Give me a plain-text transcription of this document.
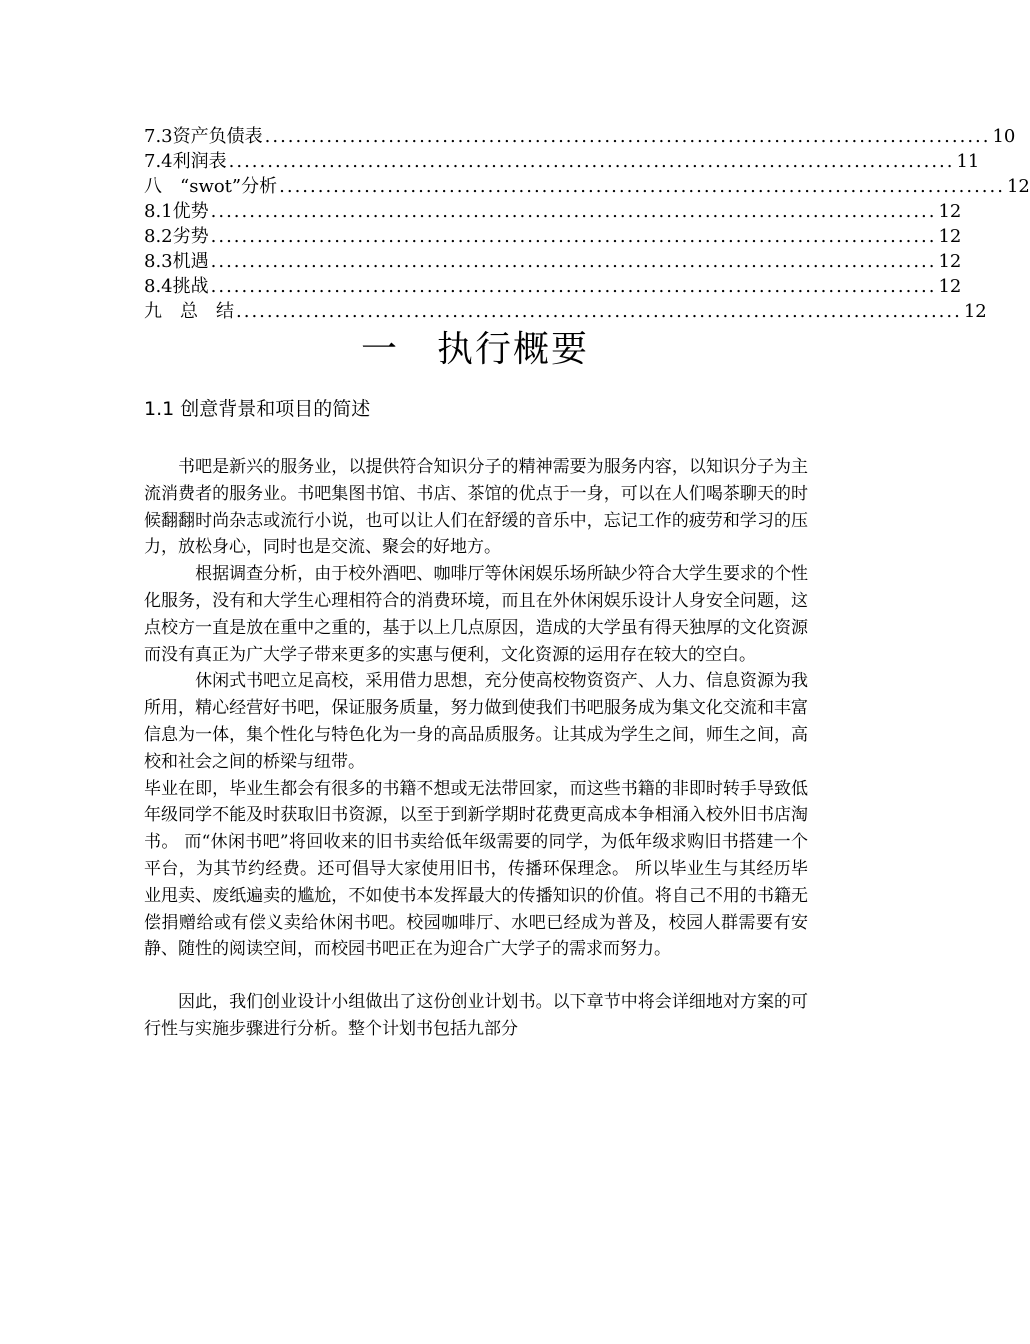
7.3资产负债表 .............................................................................................. 10
7.4利润表 .............................................................................................. 11
八　“swot”分析 .............................................................................................. 12
8.1优势 .............................................................................................. 12
8.2劣势 .............................................................................................. 12
8.3机遇 .............................................................................................. 12
8.4挑战 .............................................................................................. 12
九　总　结 .............................................................................................. 12
一　执行概要
1.1 创意背景和项目的简述

　　书吧是新兴的服务业，以提供符合知识分子的精神需要为服务内容，以知识分子为主流消费者的服务业。书吧集图书馆、书店、茶馆的优点于一身，可以在人们喝茶聊天的时候翻翻时尚杂志或流行小说，也可以让人们在舒缓的音乐中，忘记工作的疲劳和学习的压力，放松身心，同时也是交流、聚会的好地方。

　　　根据调查分析，由于校外酒吧、咖啡厅等休闲娱乐场所缺少符合大学生要求的个性化服务，没有和大学生心理相符合的消费环境，而且在外休闲娱乐设计人身安全问题，这点校方一直是放在重中之重的，基于以上几点原因，造成的大学虽有得天独厚的文化资源而没有真正为广大学子带来更多的实惠与便利，文化资源的运用存在较大的空白。

　　　休闲式书吧立足高校，采用借力思想，充分使高校物资资产、人力、信息资源为我所用，精心经营好书吧，保证服务质量，努力做到使我们书吧服务成为集文化交流和丰富信息为一体，集个性化与特色化为一身的高品质服务。让其成为学生之间，师生之间，高校和社会之间的桥梁与纽带。

毕业在即，毕业生都会有很多的书籍不想或无法带回家，而这些书籍的非即时转手导致低年级同学不能及时获取旧书资源，以至于到新学期时花费更高成本争相涌入校外旧书店淘书。 而“休闲书吧”将回收来的旧书卖给低年级需要的同学，为低年级求购旧书搭建一个平台，为其节约经费。还可倡导大家使用旧书，传播环保理念。 所以毕业生与其经历毕业甩卖、废纸遍卖的尴尬，不如使书本发挥最大的传播知识的价值。将自己不用的书籍无偿捐赠给或有偿义卖给休闲书吧。校园咖啡厅、水吧已经成为普及，校园人群需要有安静、随性的阅读空间，而校园书吧正在为迎合广大学子的需求而努力。

　　因此，我们创业设计小组做出了这份创业计划书。以下章节中将会详细地对方案的可行性与实施步骤进行分析。整个计划书包括九部分
